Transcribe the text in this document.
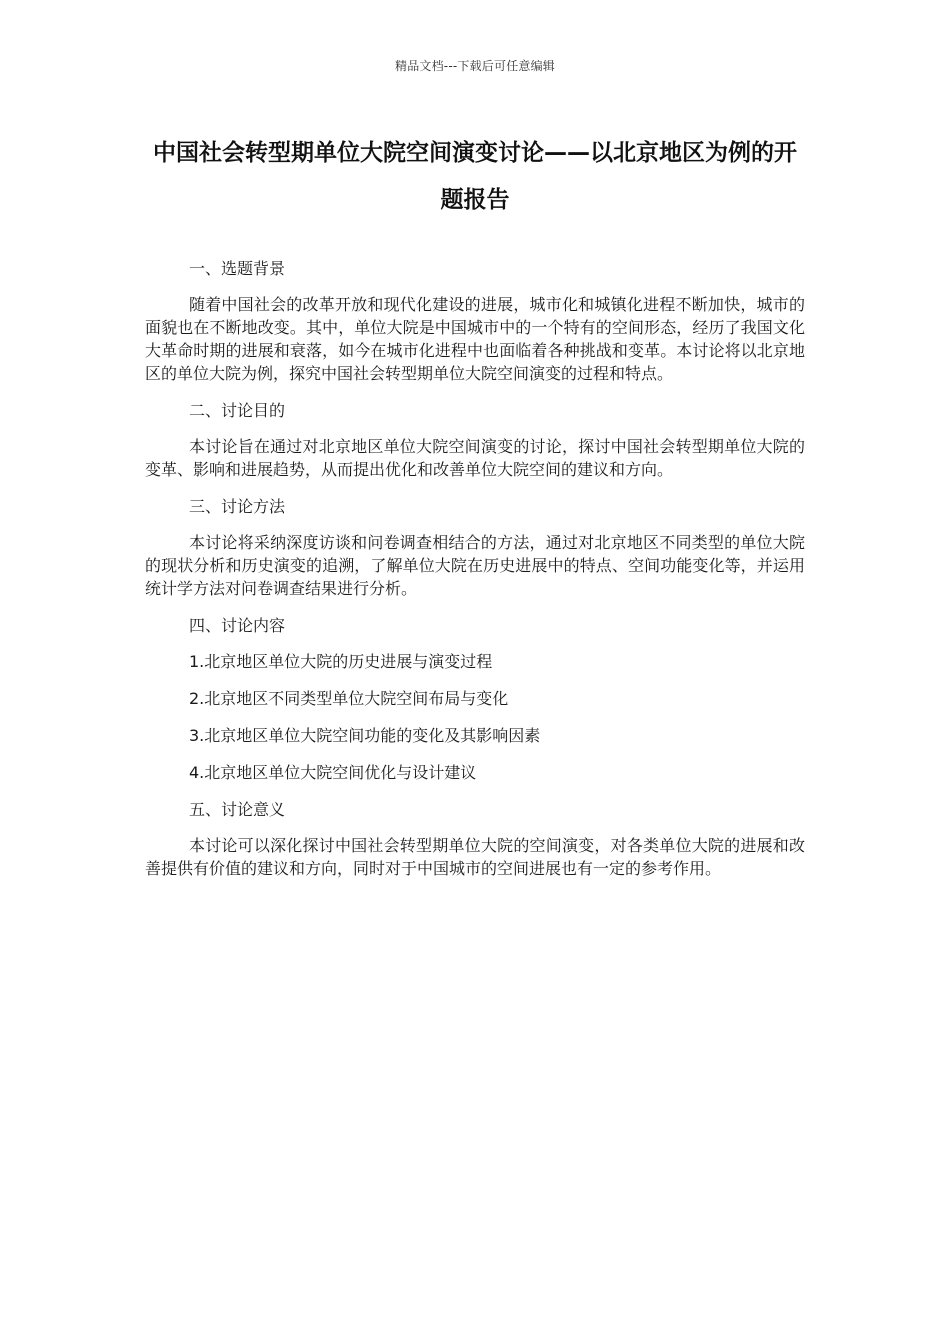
精品文档---下载后可任意编辑
中国社会转型期单位大院空间演变讨论——以北京地区为例的开题报告

一、选题背景

随着中国社会的改革开放和现代化建设的进展，城市化和城镇化进程不断加快，城市的面貌也在不断地改变。其中，单位大院是中国城市中的一个特有的空间形态，经历了我国文化大革命时期的进展和衰落，如今在城市化进程中也面临着各种挑战和变革。本讨论将以北京地区的单位大院为例，探究中国社会转型期单位大院空间演变的过程和特点。

二、讨论目的

本讨论旨在通过对北京地区单位大院空间演变的讨论，探讨中国社会转型期单位大院的变革、影响和进展趋势，从而提出优化和改善单位大院空间的建议和方向。

三、讨论方法

本讨论将采纳深度访谈和问卷调查相结合的方法，通过对北京地区不同类型的单位大院的现状分析和历史演变的追溯，了解单位大院在历史进展中的特点、空间功能变化等，并运用统计学方法对问卷调查结果进行分析。

四、讨论内容

1.北京地区单位大院的历史进展与演变过程

2.北京地区不同类型单位大院空间布局与变化

3.北京地区单位大院空间功能的变化及其影响因素

4.北京地区单位大院空间优化与设计建议

五、讨论意义

本讨论可以深化探讨中国社会转型期单位大院的空间演变，对各类单位大院的进展和改善提供有价值的建议和方向，同时对于中国城市的空间进展也有一定的参考作用。
